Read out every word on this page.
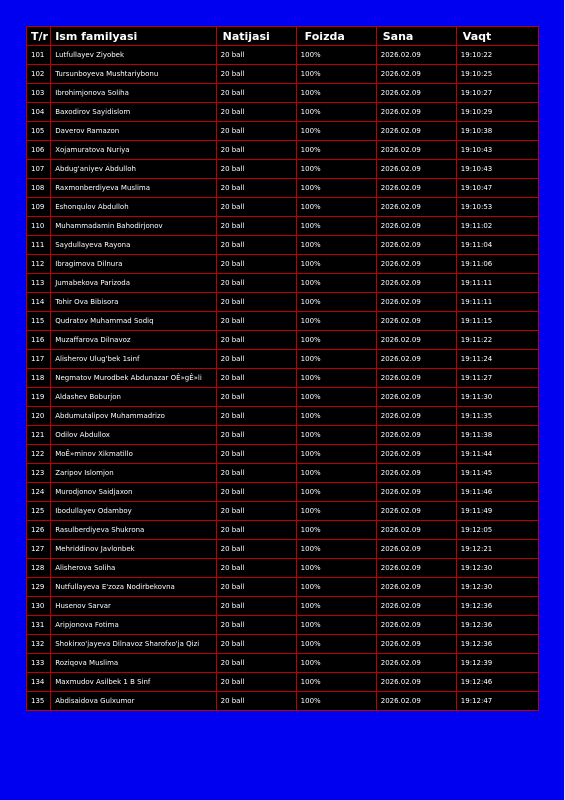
T/r	Ism familyasi	Natijasi	Foizda	Sana	Vaqt
101	Lutfullayev Ziyobek	20 ball	100%	2026.02.09	19:10:22
102	Tursunboyeva Mushtariybonu	20 ball	100%	2026.02.09	19:10:25
103	Ibrohimjonova Soliha	20 ball	100%	2026.02.09	19:10:27
104	Baxodirov Sayidislom	20 ball	100%	2026.02.09	19:10:29
105	Daverov Ramazon	20 ball	100%	2026.02.09	19:10:38
106	Xojamuratova Nuriya	20 ball	100%	2026.02.09	19:10:43
107	Abdug'aniyev Abdulloh	20 ball	100%	2026.02.09	19:10:43
108	Raxmonberdiyeva Muslima	20 ball	100%	2026.02.09	19:10:47
109	Eshonqulov Abdulloh	20 ball	100%	2026.02.09	19:10:53
110	Muhammadamin Bahodirjonov	20 ball	100%	2026.02.09	19:11:02
111	Saydullayeva Rayona	20 ball	100%	2026.02.09	19:11:04
112	Ibragimova Dilnura	20 ball	100%	2026.02.09	19:11:06
113	Jumabekova Parizoda	20 ball	100%	2026.02.09	19:11:11
114	Tohir Ova Bibisora	20 ball	100%	2026.02.09	19:11:11
115	Qudratov Muhammad Sodiq	20 ball	100%	2026.02.09	19:11:15
116	Muzaffarova Dilnavoz	20 ball	100%	2026.02.09	19:11:22
117	Alisherov Ulug'bek 1sinf	20 ball	100%	2026.02.09	19:11:24
118	Negmatov Murodbek Abdunazar OÊ»gÊ»li	20 ball	100%	2026.02.09	19:11:27
119	Aldashev Boburjon	20 ball	100%	2026.02.09	19:11:30
120	Abdumutalipov Muhammadrizo	20 ball	100%	2026.02.09	19:11:35
121	Odilov Abdullox	20 ball	100%	2026.02.09	19:11:38
122	MoÊ»minov Xikmatillo	20 ball	100%	2026.02.09	19:11:44
123	Zaripov Islomjon	20 ball	100%	2026.02.09	19:11:45
124	Murodjonov Saidjaxon	20 ball	100%	2026.02.09	19:11:46
125	Ibodullayev Odamboy	20 ball	100%	2026.02.09	19:11:49
126	Rasulberdiyeva Shukrona	20 ball	100%	2026.02.09	19:12:05
127	Mehriddinov Javlonbek	20 ball	100%	2026.02.09	19:12:21
128	Alisherova Soliha	20 ball	100%	2026.02.09	19:12:30
129	Nutfullayeva E'zoza Nodirbekovna	20 ball	100%	2026.02.09	19:12:30
130	Husenov Sarvar	20 ball	100%	2026.02.09	19:12:36
131	Aripjonova Fotima	20 ball	100%	2026.02.09	19:12:36
132	Shokirxo'jayeva Dilnavoz Sharofxo'ja Qizi	20 ball	100%	2026.02.09	19:12:36
133	Roziqova Muslima	20 ball	100%	2026.02.09	19:12:39
134	Maxmudov Asilbek 1 B Sinf	20 ball	100%	2026.02.09	19:12:46
135	Abdisaidova Gulxumor	20 ball	100%	2026.02.09	19:12:47
